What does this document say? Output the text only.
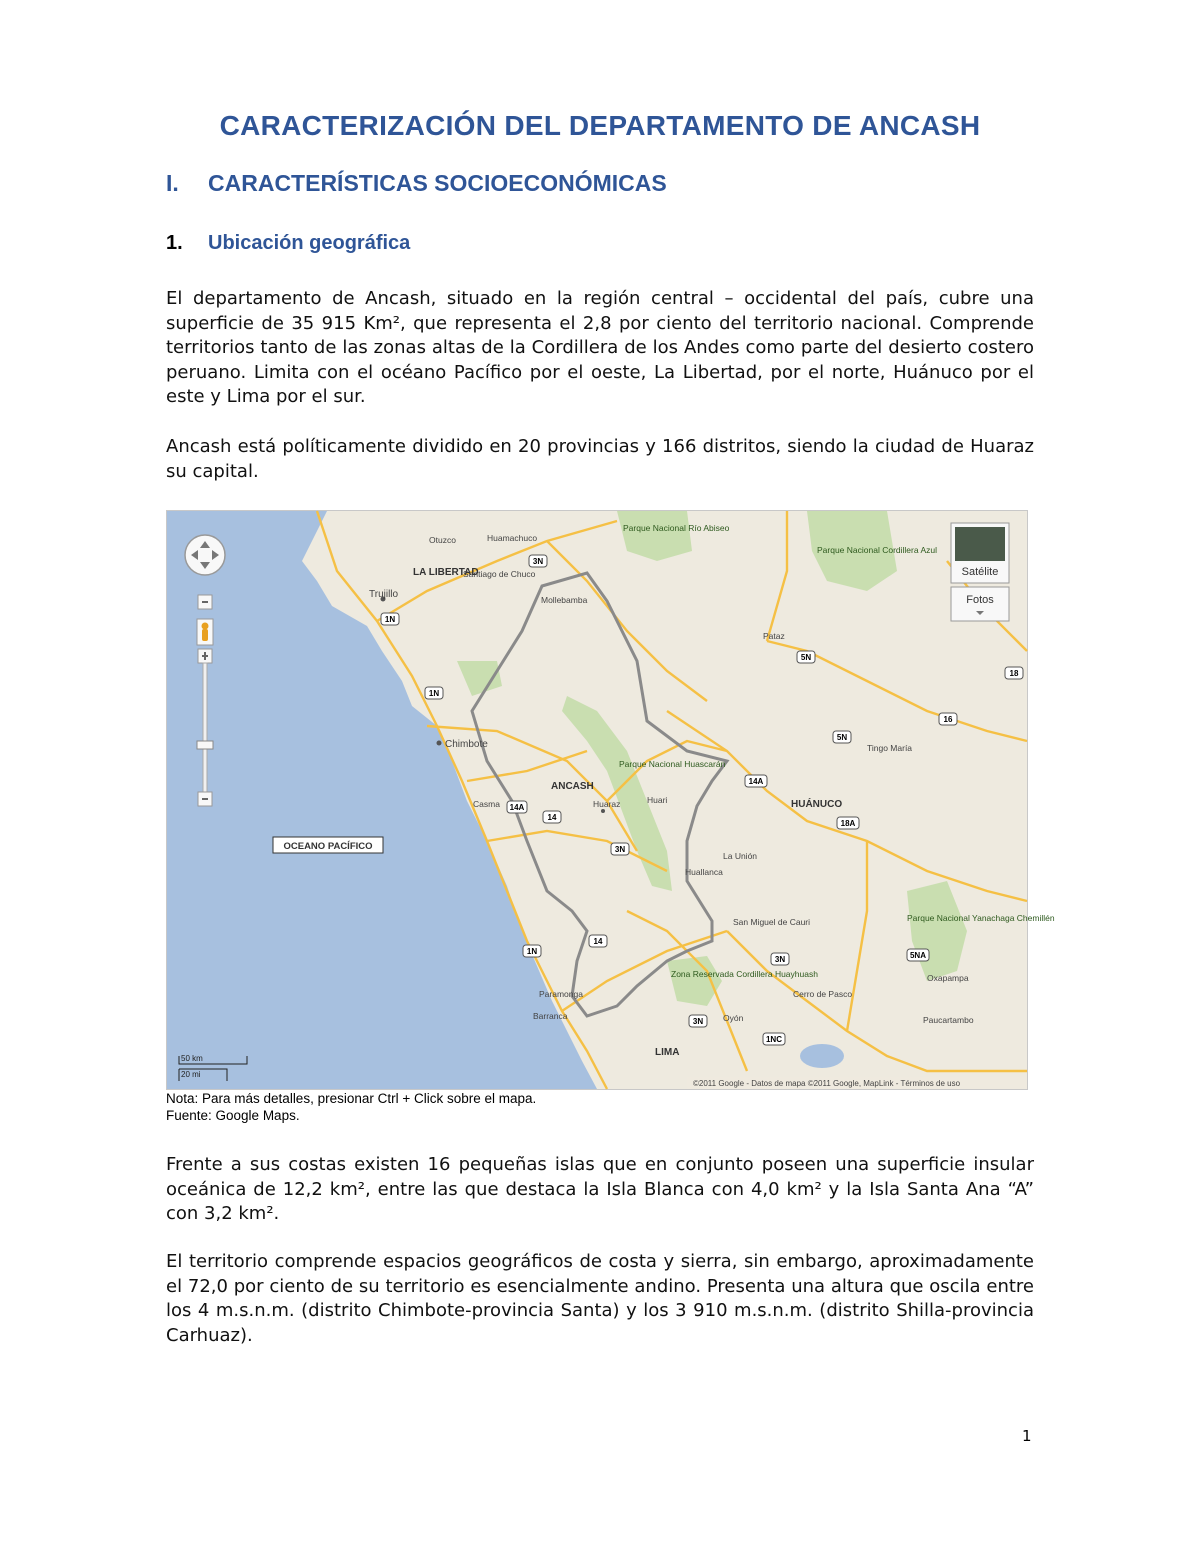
CARACTERIZACIÓN DEL DEPARTAMENTO DE ANCASH
I. CARACTERÍSTICAS SOCIOECONÓMICAS
1. Ubicación geográfica

El departamento de Ancash, situado en la región central – occidental del país, cubre una superficie de 35 915 Km², que representa el 2,8 por ciento del territorio nacional. Comprende territorios tanto de las zonas altas de la Cordillera de los Andes como parte del desierto costero peruano. Limita con el océano Pacífico por el oeste, La Libertad, por el norte, Huánuco por el este y Lima por el sur.

Ancash está políticamente dividido en 20 provincias y 166 distritos, siendo la ciudad de Huaraz su capital.

Satélite
Fotos
3N
1N
1N
14
14A
3N
1N
14
5N
5N
14A
18A
3N
18
16
5NA
1NC
3N
OCEANO PACÍFICO
LA LIBERTAD
ANCASH
HUÁNUCO
LIMA
Trujillo
Chimbote
Huaraz
Parque Nacional Huascarán
Parque Nacional Río Abiseo
Parque Nacional Cordillera Azul
Parque Nacional Yanachaga Chemillén
Zona Reservada Cordillera Huayhuash
Paramonga
Barranca
Casma	Huari
Huallanca
La Unión
San Miguel de Cauri
Oyón
Cerro de Pasco
Oxapampa
Paucartambo
Tingo María
Mollebamba
Santiago de Chuco
Huamachuco
Otuzco
Pataz
50 km
20 mi
©2011 Google - Datos de mapa ©2011 Google, MapLink - Términos de uso
Nota: Para más detalles, presionar Ctrl + Click sobre el mapa.
Fuente: Google Maps.

Frente a sus costas existen 16 pequeñas islas que en conjunto poseen una superficie insular oceánica de 12,2 km², entre las que destaca la Isla Blanca con 4,0 km² y la Isla Santa Ana “A” con 3,2 km².

El territorio comprende espacios geográficos de costa y sierra, sin embargo, aproximadamente el 72,0 por ciento de su territorio es esencialmente andino. Presenta una altura que oscila entre los 4 m.s.n.m. (distrito Chimbote-provincia Santa) y los 3 910 m.s.n.m. (distrito Shilla-provincia Carhuaz).

1
